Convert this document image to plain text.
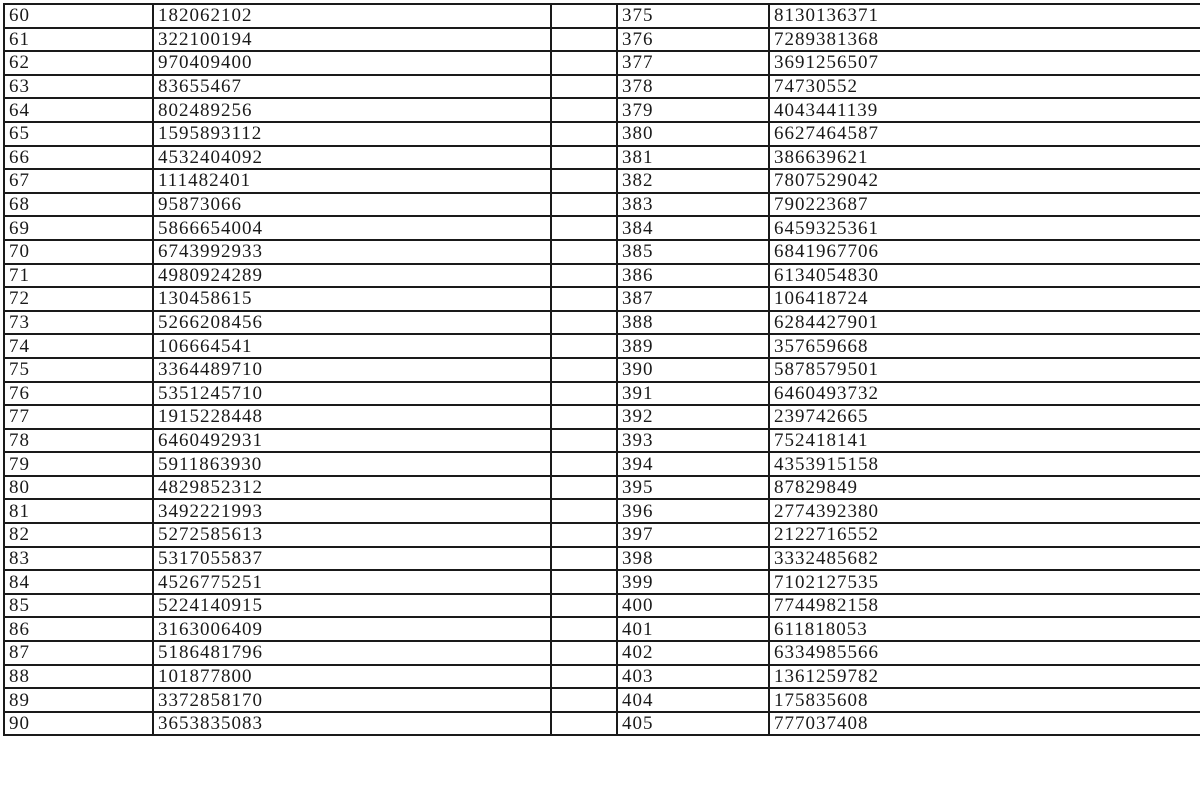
60	182062102		375	8130136371
61	322100194		376	7289381368
62	970409400		377	3691256507
63	83655467		378	74730552
64	802489256		379	4043441139
65	1595893112		380	6627464587
66	4532404092		381	386639621
67	111482401		382	7807529042
68	95873066		383	790223687
69	5866654004		384	6459325361
70	6743992933		385	6841967706
71	4980924289		386	6134054830
72	130458615		387	106418724
73	5266208456		388	6284427901
74	106664541		389	357659668
75	3364489710		390	5878579501
76	5351245710		391	6460493732
77	1915228448		392	239742665
78	6460492931		393	752418141
79	5911863930		394	4353915158
80	4829852312		395	87829849
81	3492221993		396	2774392380
82	5272585613		397	2122716552
83	5317055837		398	3332485682
84	4526775251		399	7102127535
85	5224140915		400	7744982158
86	3163006409		401	611818053
87	5186481796		402	6334985566
88	101877800		403	1361259782
89	3372858170		404	175835608
90	3653835083		405	777037408
